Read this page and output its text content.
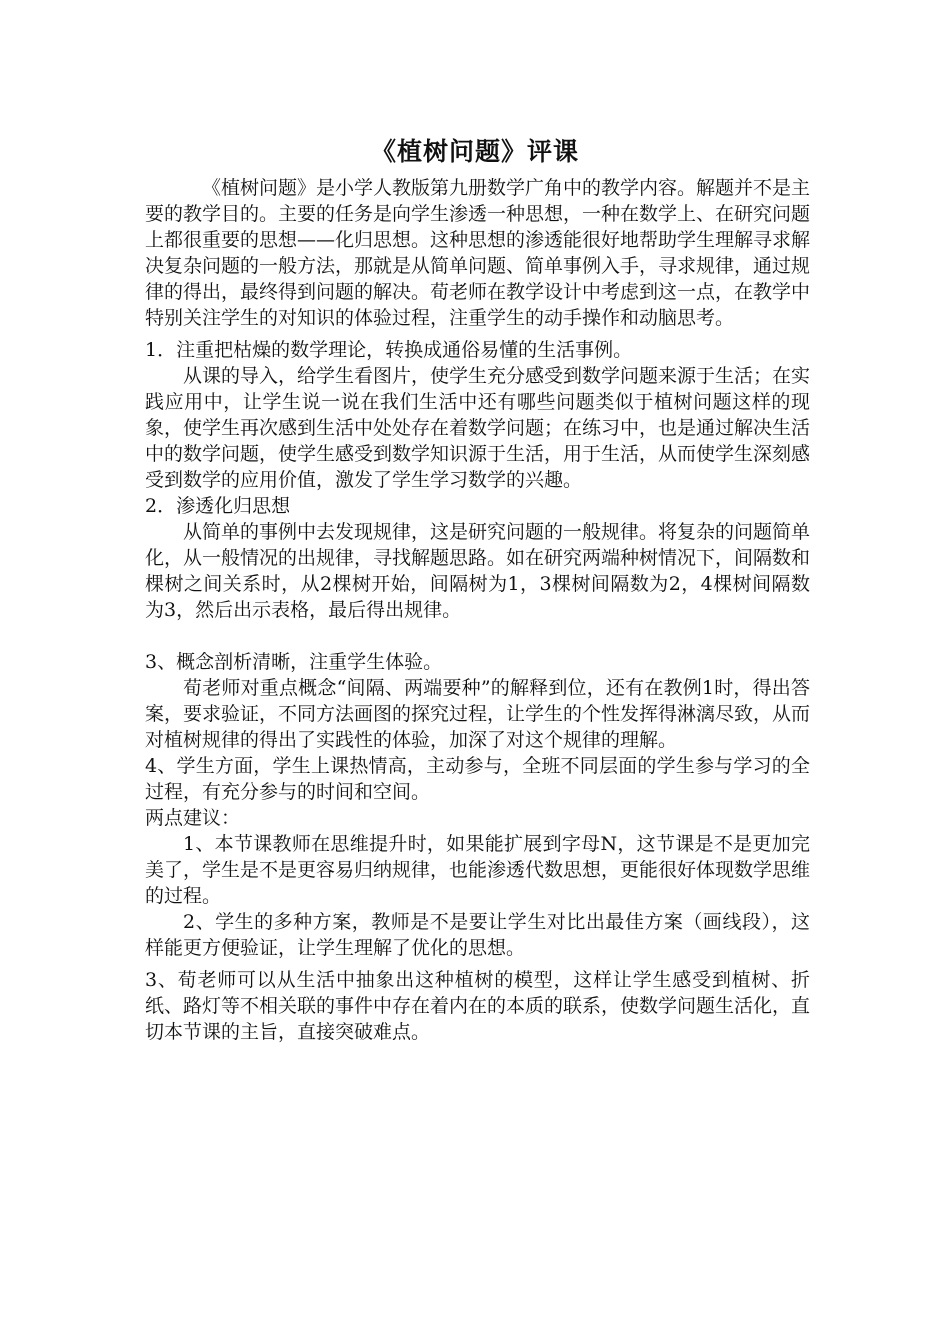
《植树问题》评课

《植树问题》是小学人教版第九册数学广角中的教学内容。解题并不是主要的教学目的。主要的任务是向学生渗透一种思想，一种在数学上、在研究问题上都很重要的思想——化归思想。这种思想的渗透能很好地帮助学生理解寻求解决复杂问题的一般方法，那就是从简单问题、简单事例入手，寻求规律，通过规律的得出，最终得到问题的解决。荀老师在教学设计中考虑到这一点，在教学中特别关注学生的对知识的体验过程，注重学生的动手操作和动脑思考。

1．注重把枯燥的数学理论，转换成通俗易懂的生活事例。

从课的导入，给学生看图片，使学生充分感受到数学问题来源于生活；在实践应用中，让学生说一说在我们生活中还有哪些问题类似于植树问题这样的现象，使学生再次感到生活中处处存在着数学问题；在练习中，也是通过解决生活中的数学问题，使学生感受到数学知识源于生活，用于生活，从而使学生深刻感受到数学的应用价值，激发了学生学习数学的兴趣。

2．渗透化归思想

从简单的事例中去发现规律，这是研究问题的一般规律。将复杂的问题简单化，从一般情况的出规律，寻找解题思路。如在研究两端种树情况下，间隔数和棵树之间关系时，从2棵树开始，间隔树为1，3棵树间隔数为2，4棵树间隔数为3，然后出示表格，最后得出规律。

3、概念剖析清晰，注重学生体验。

荀老师对重点概念“间隔、两端要种”的解释到位，还有在教例1时，得出答案，要求验证，不同方法画图的探究过程，让学生的个性发挥得淋漓尽致，从而对植树规律的得出了实践性的体验，加深了对这个规律的理解。

4、学生方面，学生上课热情高，主动参与，全班不同层面的学生参与学习的全过程，有充分参与的时间和空间。

两点建议：

1、本节课教师在思维提升时，如果能扩展到字母N，这节课是不是更加完美了，学生是不是更容易归纳规律，也能渗透代数思想，更能很好体现数学思维的过程。

2、学生的多种方案，教师是不是要让学生对比出最佳方案（画线段），这样能更方便验证，让学生理解了优化的思想。

3、荀老师可以从生活中抽象出这种植树的模型，这样让学生感受到植树、折纸、路灯等不相关联的事件中存在着内在的本质的联系，使数学问题生活化，直切本节课的主旨，直接突破难点。
